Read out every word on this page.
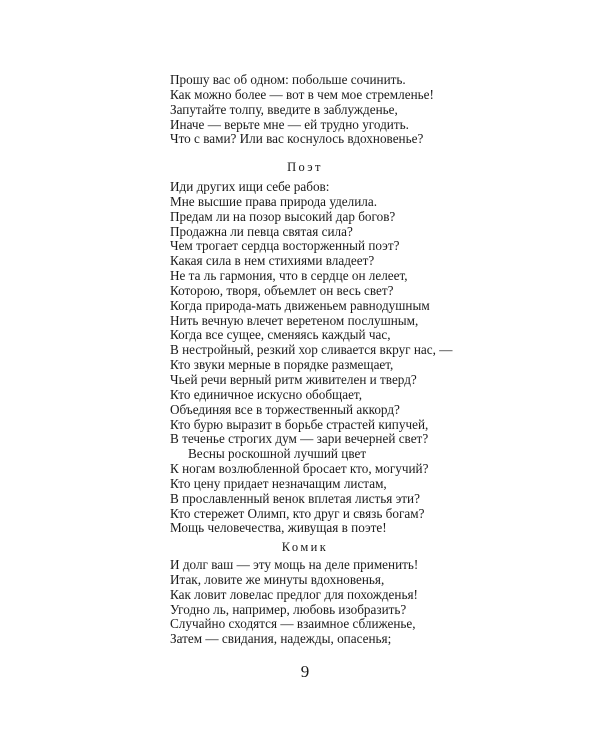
Прошу вас об одном: побольше сочинить.
Как можно более — вот в чем мое стремленье!
Запутайте толпу, введите в заблужденье,
Иначе — верьте мне — ей трудно угодить.
Что с вами? Или вас коснулось вдохновенье?
Поэт
Иди других ищи себе рабов:
Мне высшие права природа уделила.
Предам ли на позор высокий дар богов?
Продажна ли певца святая сила?
Чем трогает сердца восторженный поэт?
Какая сила в нем стихиями владеет?
Не та ль гармония, что в сердце он лелеет,
Которою, творя, объемлет он весь свет?
Когда природа-мать движеньем равнодушным
Нить вечную влечет веретеном послушным,
Когда все сущее, сменяясь каждый час,
В нестройный, резкий хор сливается вкруг нас, —
Кто звуки мерные в порядке размещает,
Чьей речи верный ритм живителен и тверд?
Кто единичное искусно обобщает,
Объединяя все в торжественный аккорд?
Кто бурю выразит в борьбе страстей кипучей,
В теченье строгих дум — зари вечерней свет?
Весны роскошной лучший цвет
К ногам возлюбленной бросает кто, могучий?
Кто цену придает незначащим листам,
В прославленный венок вплетая листья эти?
Кто стережет Олимп, кто друг и связь богам?
Мощь человечества, живущая в поэте!
Комик
И долг ваш — эту мощь на деле применить!
Итак, ловите же минуты вдохновенья,
Как ловит ловелас предлог для похожденья!
Угодно ль, например, любовь изобразить?
Случайно сходятся — взаимное сближенье,
Затем — свидания, надежды, опасенья;
9
